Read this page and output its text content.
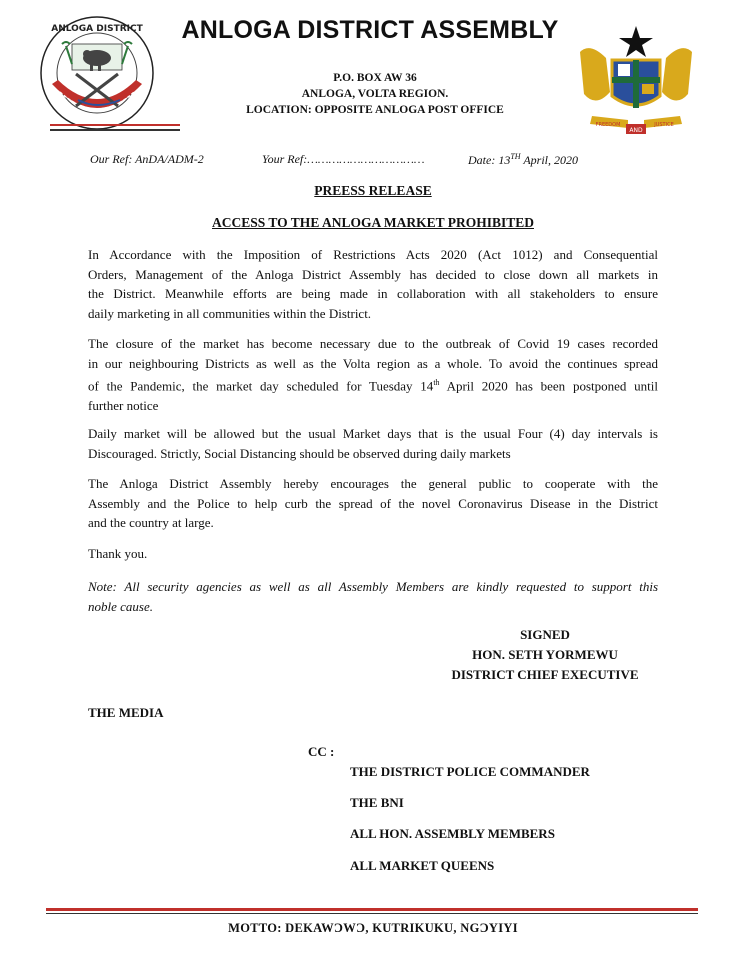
ANLOGA DISTRICT	ANLOGA DISTRICT ASSEMBLY
P.O. BOX AW 36
ANLOGA, VOLTA REGION.
LOCATION: OPPOSITE ANLOGA POST OFFICE
FREEDOM	JUSTICE
AND
Our Ref: AnDA/ADM-2	Your Ref:……………………………	Date: 13TH April, 2020
PREESS RELEASE
ACCESS TO THE ANLOGA MARKET PROHIBITED
In Accordance with the Imposition of Restrictions Acts 2020 (Act 1012) and Consequential
Orders, Management of the Anloga District Assembly has decided to close down all markets in
the District. Meanwhile efforts are being made in collaboration with all stakeholders to ensure
daily marketing in all communities within the District.
The closure of the market has become necessary due to the outbreak of Covid 19 cases recorded
in our neighbouring Districts as well as the Volta region as a whole. To avoid the continues spread
of the Pandemic, the market day scheduled for Tuesday 14th April 2020 has been postponed until
further notice
Daily market will be allowed but the usual Market days that is the usual Four (4) day intervals is
Discouraged. Strictly, Social Distancing should be observed during daily markets
The Anloga District Assembly hereby encourages the general public to cooperate with the
Assembly and the Police to help curb the spread of the novel Coronavirus Disease in the District
and the country at large.
Thank you.
Note: All security agencies as well as all Assembly Members are kindly requested to support this
noble cause.
SIGNED
HON. SETH YORMEWU
DISTRICT CHIEF EXECUTIVE
THE MEDIA
CC :
THE DISTRICT POLICE COMMANDER
THE BNI
ALL HON. ASSEMBLY MEMBERS
ALL MARKET QUEENS
MOTTO: DEKAWƆWƆ, KUTRIKUKU, NGƆYIYI
